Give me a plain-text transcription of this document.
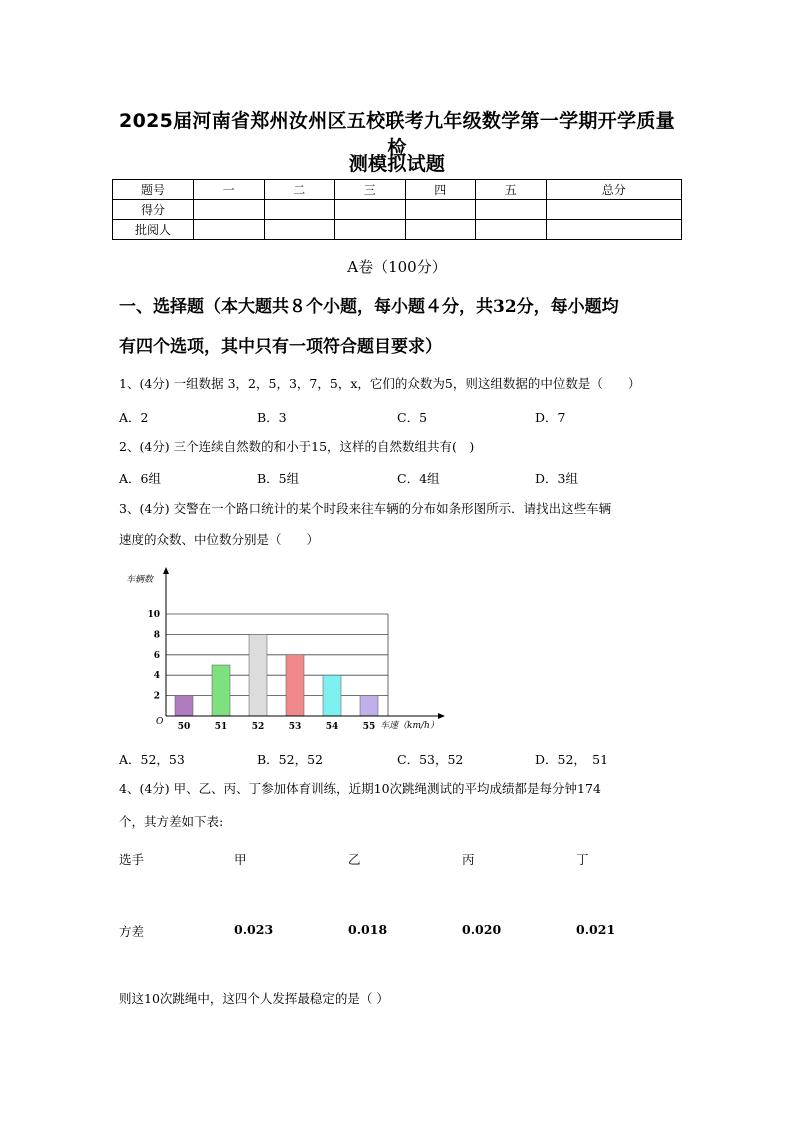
2025届河南省郑州汝州区五校联考九年级数学第一学期开学质量检
测模拟试题
题号	一	二	三	四	五	总分
得分						
批阅人						
A卷（100分）
一、选择题（本大题共８个小题，每小题４分，共32分，每小题均
有四个选项，其中只有一项符合题目要求）
1、(4分) 一组数据 3，2，5，3，7，5，x，它们的众数为5，则这组数据的中位数是（　　）
A．2	B．3	C．5	D．7
2、(4分) 三个连续自然数的和小于15，这样的自然数组共有(　)
A．6组	B．5组	C．4组	D．3组
3、(4分) 交警在一个路口统计的某个时段来往车辆的分布如条形图所示．请找出这些车辆
速度的众数、中位数分别是（　　）
2
4
6
8
10
50	51	52	53	54	55
车辆数
O	车速（km/h）
A．52，53	B．52，52	C．53，52	D．52，　51
4、(4分) 甲、乙、丙、丁参加体育训练，近期10次跳绳测试的平均成绩都是每分钟174
个，其方差如下表:
选手	甲	乙	丙	丁
方差	0.023	0.018	0.020	0.021
则这10次跳绳中，这四个人发挥最稳定的是（ ）
